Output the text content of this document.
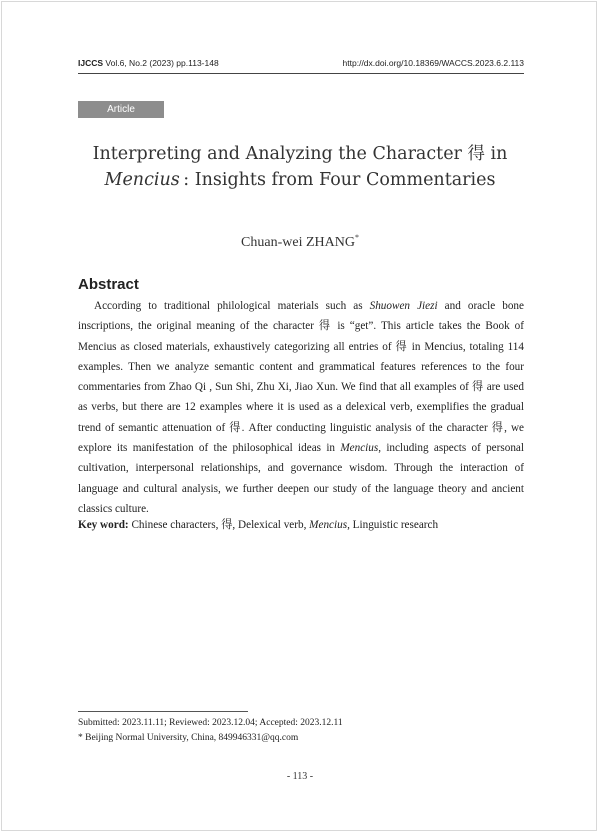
IJCCS Vol.6, No.2 (2023) pp.113-148	http://dx.doi.org/10.18369/WACCS.2023.6.2.113
Article
Interpreting and Analyzing the Character 得 in
Mencius : Insights from Four Commentaries
Chuan-wei ZHANG*
Abstract

According to traditional philological materials such as Shuowen Jiezi and oracle bone inscriptions, the original meaning of the character 得 is “get”. This article takes the Book of Mencius as closed materials, exhaustively categorizing all entries of 得 in Mencius, totaling 114 examples. Then we analyze semantic content and grammatical features references to the four commentaries from Zhao Qi , Sun Shi, Zhu Xi, Jiao Xun. We find that all examples of 得 are used as verbs, but there are 12 examples where it is used as a delexical verb, exemplifies the gradual trend of semantic attenuation of 得. After conducting linguistic analysis of the character 得, we explore its manifestation of the philosophical ideas in Mencius, including aspects of personal cultivation, interpersonal relationships, and governance wisdom. Through the interaction of language and cultural analysis, we further deepen our study of the language theory and ancient classics culture.

Key word: Chinese characters, 得, Delexical verb, Mencius, Linguistic research
Submitted: 2023.11.11; Reviewed: 2023.12.04; Accepted: 2023.12.11
* Beijing Normal University, China, 849946331@qq.com
- 113 -
